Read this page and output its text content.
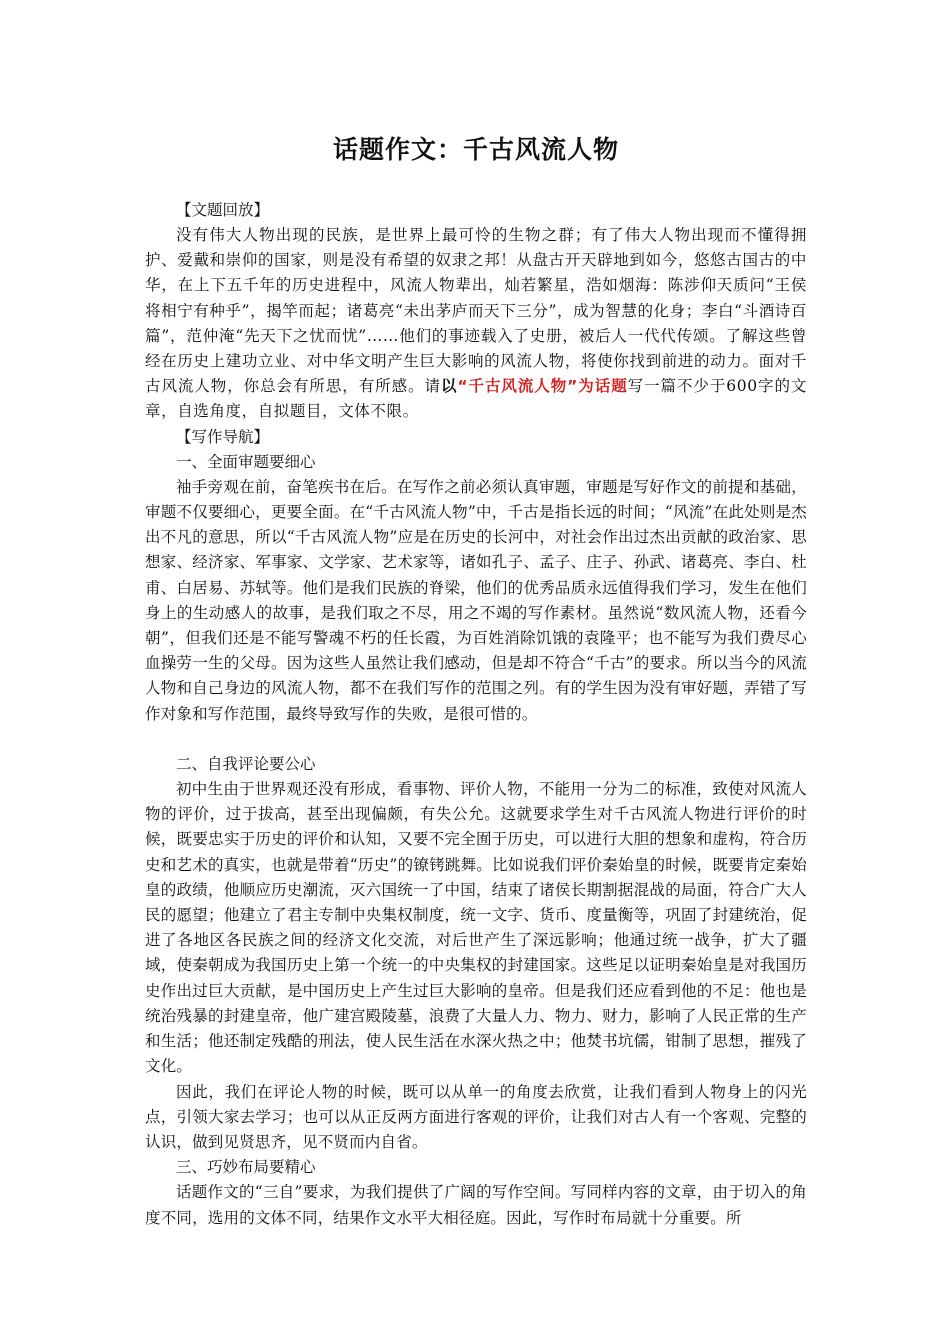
话题作文：千古风流人物

【文题回放】

没有伟大人物出现的民族，是世界上最可怜的生物之群；有了伟大人物出现而不懂得拥护、爱戴和崇仰的国家，则是没有希望的奴隶之邦！从盘古开天辟地到如今，悠悠古国古的中华，在上下五千年的历史进程中，风流人物辈出，灿若繁星，浩如烟海：陈涉仰天质问“王侯将相宁有种乎”，揭竿而起；诸葛亮“未出茅庐而天下三分”，成为智慧的化身；李白“斗酒诗百篇”，范仲淹“先天下之忧而忧”……他们的事迹载入了史册，被后人一代代传颂。了解这些曾经在历史上建功立业、对中华文明产生巨大影响的风流人物，将使你找到前进的动力。面对千古风流人物，你总会有所思，有所感。请以“千古风流人物”为话题写一篇不少于600字的文章，自选角度，自拟题目，文体不限。

【写作导航】

一、全面审题要细心

袖手旁观在前，奋笔疾书在后。在写作之前必须认真审题，审题是写好作文的前提和基础，审题不仅要细心，更要全面。在“千古风流人物”中，千古是指长远的时间；“风流”在此处则是杰出不凡的意思，所以“千古风流人物”应是在历史的长河中，对社会作出过杰出贡献的政治家、思想家、经济家、军事家、文学家、艺术家等，诸如孔子、孟子、庄子、孙武、诸葛亮、李白、杜甫、白居易、苏轼等。他们是我们民族的脊梁，他们的优秀品质永远值得我们学习，发生在他们身上的生动感人的故事，是我们取之不尽，用之不竭的写作素材。虽然说“数风流人物，还看今朝”，但我们还是不能写警魂不朽的任长霞，为百姓消除饥饿的袁隆平；也不能写为我们费尽心血操劳一生的父母。因为这些人虽然让我们感动，但是却不符合“千古”的要求。所以当今的风流人物和自己身边的风流人物，都不在我们写作的范围之列。有的学生因为没有审好题，弄错了写作对象和写作范围，最终导致写作的失败，是很可惜的。

二、自我评论要公心

初中生由于世界观还没有形成，看事物、评价人物，不能用一分为二的标准，致使对风流人物的评价，过于拔高，甚至出现偏颇，有失公允。这就要求学生对千古风流人物进行评价的时候，既要忠实于历史的评价和认知，又要不完全囿于历史，可以进行大胆的想象和虚构，符合历史和艺术的真实，也就是带着“历史”的镣铐跳舞。比如说我们评价秦始皇的时候，既要肯定秦始皇的政绩，他顺应历史潮流，灭六国统一了中国，结束了诸侯长期割据混战的局面，符合广大人民的愿望；他建立了君主专制中央集权制度，统一文字、货币、度量衡等，巩固了封建统治，促进了各地区各民族之间的经济文化交流，对后世产生了深远影响；他通过统一战争，扩大了疆域，使秦朝成为我国历史上第一个统一的中央集权的封建国家。这些足以证明秦始皇是对我国历史作出过巨大贡献，是中国历史上产生过巨大影响的皇帝。但是我们还应看到他的不足：他也是统治残暴的封建皇帝，他广建宫殿陵墓，浪费了大量人力、物力、财力，影响了人民正常的生产和生活；他还制定残酷的刑法，使人民生活在水深火热之中；他焚书坑儒，钳制了思想，摧残了文化。

因此，我们在评论人物的时候，既可以从单一的角度去欣赏，让我们看到人物身上的闪光点，引领大家去学习；也可以从正反两方面进行客观的评价，让我们对古人有一个客观、完整的认识，做到见贤思齐，见不贤而内自省。

三、巧妙布局要精心

话题作文的“三自”要求，为我们提供了广阔的写作空间。写同样内容的文章，由于切入的角度不同，选用的文体不同，结果作文水平大相径庭。因此，写作时布局就十分重要。所
